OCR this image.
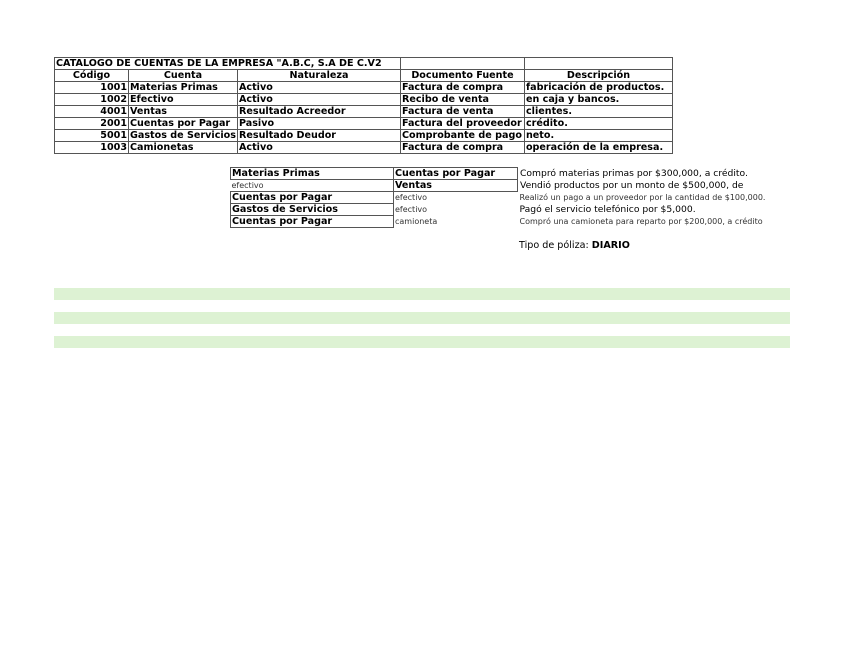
CATALOGO DE CUENTAS DE LA EMPRESA "A.B.C, S.A DE C.V2				
Código	Cuenta	Naturaleza	Documento Fuente	Descripción
1001	Materias Primas	Activo	Factura de compra	fabricación de productos.
1002	Efectivo	Activo	Recibo de venta	en caja y bancos.
4001	Ventas	Resultado Acreedor	Factura de venta	clientes.
2001	Cuentas por Pagar	Pasivo	Factura del proveedor	crédito.
5001	Gastos de Servicios	Resultado Deudor	Comprobante de pago	neto.
1003	Camionetas	Activo	Factura de compra	operación de la empresa.
Materias Primas	Cuentas por Pagar	Compró materias primas por $300,000, a crédito.
efectivo	Ventas	Vendió productos por un monto de $500,000, de
Cuentas por Pagar	efectivo	Realizó un pago a un proveedor por la cantidad de $100,000.
Gastos de Servicios	efectivo	Pagó el servicio telefónico por $5,000.
Cuentas por Pagar	camioneta	Compró una camioneta para reparto por $200,000, a crédito
Tipo de póliza: DIARIO
